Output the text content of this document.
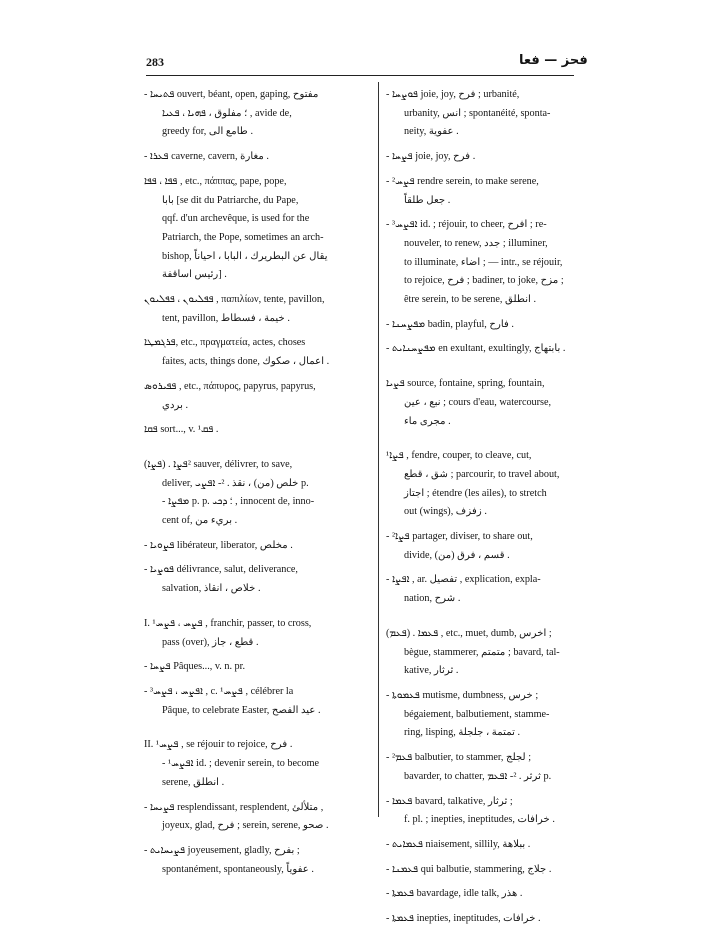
283	فحز — فعا
- ܦܬܝܚܐ ouvert, béant, open, gaping, مفتوح
؛ مفلوق ، ܦܗܝܐ ، ܦܥܝܐ , avide de,
greedy for, طامع الى .
- ܦܥܪܐ caverne, cavern, مغارة .
ܦܦܐ ، ܦܦܐ , etc., πάππας, pape, pope,
بابا [se dit du Patriarche, du Pape,
qqf. d'un archevêque, is used for the
Patriarch, the Pope, sometimes an arch-
bishop, يقال عن البطريرك ، البابا ، احياناً
رئيس اساقفة] .
ܦܦܠܝܘܢ ، ܦܦܠܝܘܢ , παπιλίων, tente, pavillon,
tent, pavillon, خيمة ، فسطاط .
ܦܪܓܡܛܐ, etc., πραγματεία, actes, choses
faites, acts, things done, اعمال ، صكوك .
ܦܦܝܪܘܣ , etc., πάπυρος, papyrus, papyrus,
بردي .
ܦܩܐ sort..., v. ¹ܦܩ .
(ܦܨܐ) . ²ܦܨܐ sauver, délivrer, to save,
deliver, خلص (من) ، نقذ . ²- ܐܦܨܝ p.
- ܡܦܨܐ p. p. ؛ ܕܟܝ , innocent de, inno-
cent of, بريء من .
- ܦܨܘܝܐ libérateur, liberator, مخلص .
- ܦܘܨܝܐ délivrance, salut, deliverance,
salvation, خلاص ، انقاذ .
I. ¹ܦܨܚ ، ܦܨܚ , franchir, passer, to cross,
pass (over), قطع ، جاز .
- ܦܨܚܐ Pâques..., v. n. pr.
- ³ܐܦܨܚ ، ܦܨܚ , c. ¹ܦܨܚ , célébrer la
Pâque, to celebrate Easter, عيد الفصح .
II. ¹ܦܨܚ , se réjouir to rejoice, فرح .
- ¹ܐܦܨܚ id. ; devenir serein, to become
serene, انطلق .
- ܦܨܝܚܐ resplendissant, resplendent, متلألئ ,
joyeux, glad, فرح ; serein, serene, صحو .
- ܦܨܝܚܐܝܬ joyeusement, gladly, بفرح ;
spontanément, spontaneously, عفوياً .
- ܦܘܨܚܐ joie, joy, فرح ; urbanité,
urbanity, انس ; spontanéité, sponta-
neity, عفوية .
- ܦܨܚܐ joie, joy, فرح .
- ²ܦܨܚ rendre serein, to make serene,
جعل طلقاً .
- ³ܐܦܨܚ id. ; réjouir, to cheer, افرح ; re-
nouveler, to renew, جدد ; illuminer,
to illuminate, اضاء ; — intr., se réjouir,
to rejoice, فرح ; badiner, to joke, مزح ;
être serein, to be serene, انطلق .
- ܡܦܨܚܢܐ badin, playful, فارح .
- ܡܦܨܚܢܐܝܬ en exultant, exultingly, بابتهاج .
ܦܨܝܐ source, fontaine, spring, fountain,
نبع ، عين ; cours d'eau, watercourse,
مجرى ماء .
¹ܦܨܐ , fendre, couper, to cleave, cut,
شق ، قطع ; parcourir, to travel about,
اجتاز ; étendre (les ailes), to stretch
out (wings), زفزف .
- ²ܦܨܐ partager, diviser, to share out,
divide, قسم ، فرق (من) .
- ܐܦܨܐ , ar. تفصيل , explication, expla-
nation, شرح .
(ܦܥܡ) . ܦܥܡܐ , etc., muet, dumb, اخرس ;
bègue, stammerer, متمتم ; bavard, tal-
kative, ثرثار .
- ܦܥܡܘܬܐ mutisme, dumbness, خرس ;
bégaiement, balbutiement, stamme-
ring, lisping, تمتمة ، جلجلة .
- ²ܦܥܡ balbutier, to stammer, لجلج ;
bavarder, to chatter, ثرثر . ²- ܐܦܥܡ p.
- ܦܥܡܐ bavard, talkative, ثرثار ;
f. pl. ; inepties, ineptitudes, خرافات .
- ܦܥܡܐܝܬ niaisement, sillily, ببلاهة .
- ܦܥܡܢܐ qui balbutie, stammering, جلاج .
- ܦܥܡܬܐ bavardage, idle talk, هذر .
- ܦܥܡܬܐ inepties, ineptitudes, خرافات .
